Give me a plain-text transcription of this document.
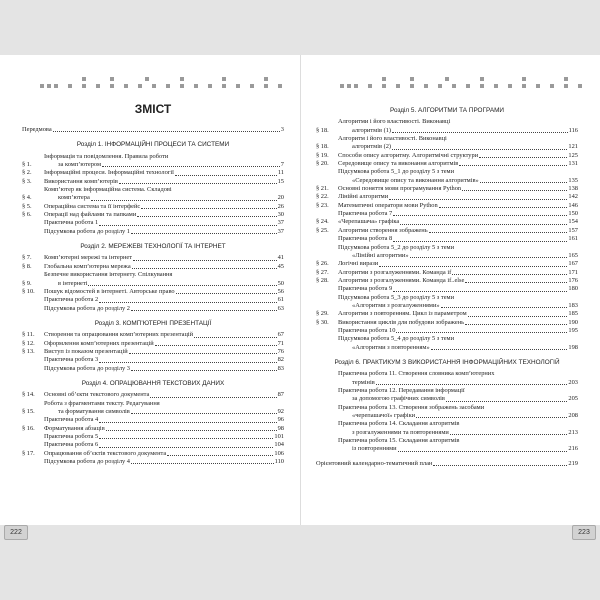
ЗМІСТ
Передмова	3
Розділ 1. ІНФОРМАЦІЙНІ ПРОЦЕСИ ТА СИСТЕМИ
§ 1.
Інформація та повідомлення. Правила роботи
за комп’ютером	7
§ 2.	Інформаційні процеси. Інформаційні технології	11
§ 3.	Використання комп’ютерів	15
§ 4.
Комп’ютер як інформаційна система. Складові
комп’ютера	20
§ 5.	Операційна система та її інтерфейс	26
§ 6.	Операції над файлами та папками	30
Практична робота 1	37
Підсумкова робота до розділу 1	37
Розділ 2. МЕРЕЖЕВІ ТЕХНОЛОГІЇ ТА ІНТЕРНЕТ
§ 7.	Комп’ютерні мережі та інтернет	41
§ 8.	Глобальна комп’ютерна мережа	45
§ 9.
Безпечне використання інтернету. Спілкування
в інтернеті	50
§ 10.	Пошук відомостей в інтернеті. Авторське право	56
Практична робота 2	61
Підсумкова робота до розділу 2	63
Розділ 3. КОМП’ЮТЕРНІ ПРЕЗЕНТАЦІЇ
§ 11.	Створення та опрацювання комп’ютерних презентацій	67
§ 12.	Оформлення комп’ютерних презентацій	71
§ 13.	Виступ із показом презентацій	76
Практична робота 3	82
Підсумкова робота до розділу 3	83
Розділ 4. ОПРАЦЮВАННЯ ТЕКСТОВИХ ДАНИХ
§ 14.	Основні об’єкти текстового документа	87
§ 15.
Робота з фрагментами тексту. Редагування
та форматування символів	92
Практична робота 4	96
§ 16.	Форматування абзаців	98
Практична робота 5	101
Практична робота 6	104
§ 17.	Опрацювання об’єктів текстового документа	106
Підсумкова робота до розділу 4	110
Розділ 5. АЛГОРИТМИ ТА ПРОГРАМИ
§ 18.
Алгоритми і його властивості. Виконавці
алгоритмів (1)	116
§ 18.
Алгоритм і його властивості. Виконавці
алгоритмів (2)	121
§ 19.	Способи опису алгоритму. Алгоритмічні структури	125
§ 20.	Середовище опису та виконання алгоритмів	131
Підсумкова робота 5_1 до розділу 5 з теми
«Середовище опису та виконання алгоритмів»	135
§ 21.	Основні поняття мови програмування Python	138
§ 22.	Лінійні алгоритми	142
§ 23.	Математичні оператори мови Python	146
Практична робота 7	150
§ 24.	«Черепашача» графіка	154
§ 25.	Алгоритми створення зображень	157
Практична робота 8	161
Підсумкова робота 5_2 до розділу 5 з теми
«Лінійні алгоритми»	165
§ 26.	Логічні вирази	167
§ 27.	Алгоритми з розгалуженнями. Команда if	171
§ 28.	Алгоритми з розгалуженнями. Команда if..else	176
Практична робота 9	180
Підсумкова робота 5_3 до розділу 5 з теми
«Алгоритми з розгалуженнями»	183
§ 29.	Алгоритми з повторенням. Цикл із параметром	185
§ 30.	Використання циклів для побудови зображень	190
Практична робота 10	195
Підсумкова робота 5_4 до розділу 5 з теми
«Алгоритми з повторенням»	198
Розділ 6. ПРАКТИКУМ З ВИКОРИСТАННЯ ІНФОРМАЦІЙНИХ ТЕХНОЛОГІЙ
Практична робота 11. Створення словника комп’ютерних
термінів	203
Практична робота 12. Передавання інформації
за допомогою графічних символів	205
Практична робота 13. Створення зображень засобами
«черепашачої» графіки	208
Практична робота 14. Складання алгоритмів
з розгалуженнями та повтореннями	213
Практична робота 15. Складання алгоритмів
із повтореннями	216
Орієнтовний календарно-тематичний план	219
222	223
